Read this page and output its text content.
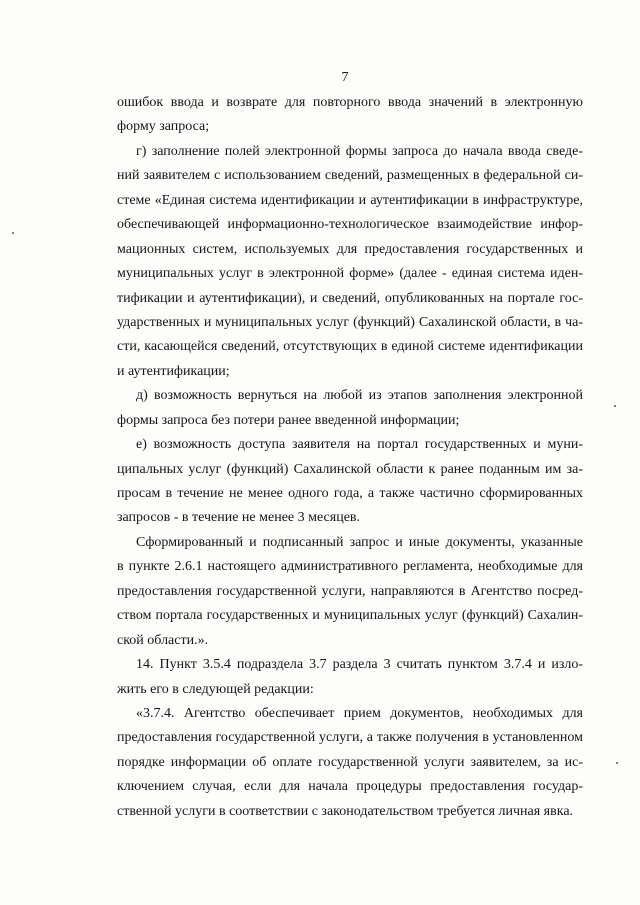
7
ошибок ввода и возврате для повторного ввода значений в электронную
форму запроса;
г) заполнение полей электронной формы запроса до начала ввода сведе-
ний заявителем с использованием сведений, размещенных в федеральной си-
стеме «Единая система идентификации и аутентификации в инфраструктуре,
обеспечивающей информационно-технологическое взаимодействие инфор-
мационных систем, используемых для предоставления государственных и
муниципальных услуг в электронной форме» (далее - единая система иден-
тификации и аутентификации), и сведений, опубликованных на портале гос-
ударственных и муниципальных услуг (функций) Сахалинской области, в ча-
сти, касающейся сведений, отсутствующих в единой системе идентификации
и аутентификации;
д) возможность вернуться на любой из этапов заполнения электронной
формы запроса без потери ранее введенной информации;
е) возможность доступа заявителя на портал государственных и муни-
ципальных услуг (функций) Сахалинской области к ранее поданным им за-
просам в течение не менее одного года, а также частично сформированных
запросов - в течение не менее 3 месяцев.
Сформированный и подписанный запрос и иные документы, указанные
в пункте 2.6.1 настоящего административного регламента, необходимые для
предоставления государственной услуги, направляются в Агентство посред-
ством портала государственных и муниципальных услуг (функций) Сахалин-
ской области.».
14. Пункт 3.5.4 подраздела 3.7 раздела 3 считать пунктом 3.7.4 и изло-
жить его в следующей редакции:
«3.7.4. Агентство обеспечивает прием документов, необходимых для
предоставления государственной услуги, а также получения в установленном
порядке информации об оплате государственной услуги заявителем, за ис-
ключением случая, если для начала процедуры предоставления государ-
ственной услуги в соответствии с законодательством требуется личная явка.
